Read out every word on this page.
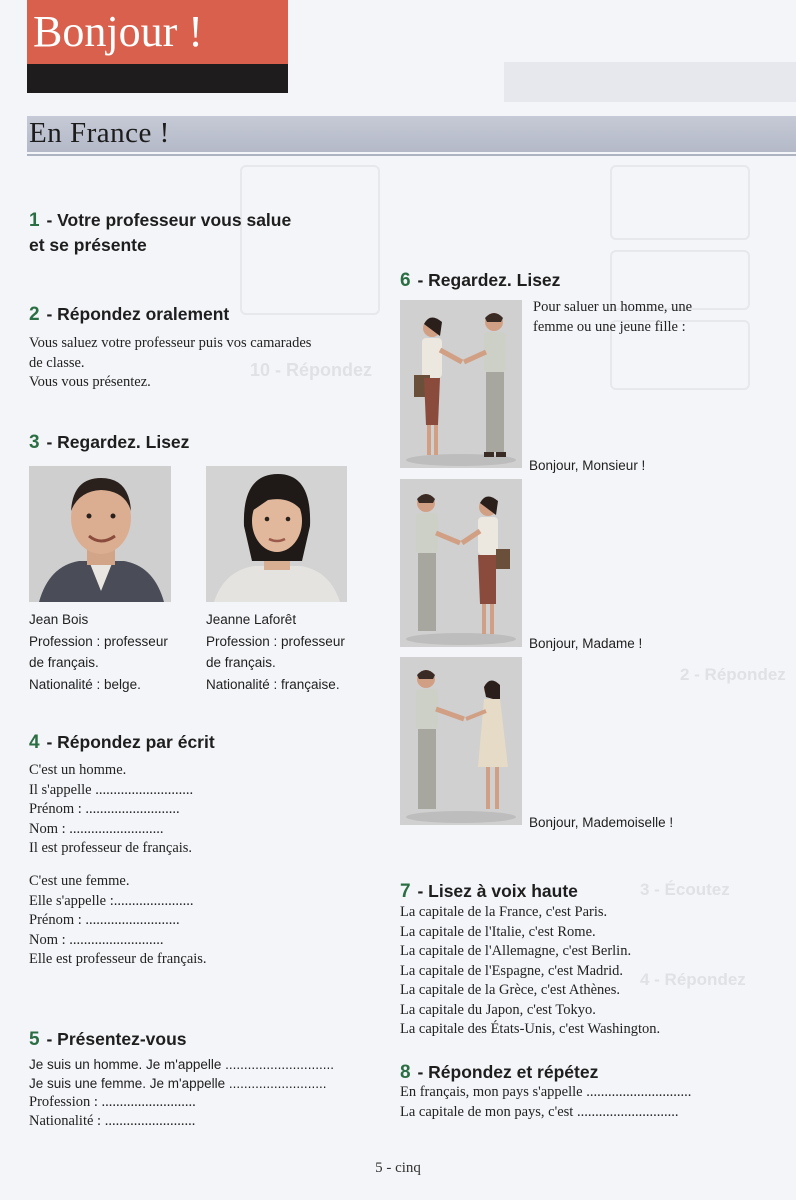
10 - Répondez
2 - Répondez
3 - Écoutez
4 - Répondez
Bonjour !
En France !
1 - Votre professeur vous salue
et se présente
2 - Répondez oralement
Vous saluez votre professeur puis vos camarades
de classe.
Vous vous présentez.
3 - Regardez. Lisez
Jean Bois
Profession : professeur
de français.
Nationalité : belge.
Jeanne Laforêt
Profession : professeur
de français.
Nationalité : française.
4 - Répondez par écrit
C'est un homme.
Il s'appelle ...........................
Prénom : ..........................
Nom : ..........................
Il est professeur de français.
C'est une femme.
Elle s'appelle :......................
Prénom : ..........................
Nom : ..........................
Elle est professeur de français.
5 - Présentez-vous
Je suis un homme. Je m'appelle .............................
Je suis une femme. Je m'appelle ..........................
Profession : ..........................
Nationalité : .........................
6 - Regardez. Lisez
Pour saluer un homme, une
femme ou une jeune fille :
Bonjour, Monsieur !
Bonjour, Madame !
Bonjour, Mademoiselle !
7 - Lisez à voix haute
La capitale de la France, c'est Paris.
La capitale de l'Italie, c'est Rome.
La capitale de l'Allemagne, c'est Berlin.
La capitale de l'Espagne, c'est Madrid.
La capitale de la Grèce, c'est Athènes.
La capitale du Japon, c'est Tokyo.
La capitale des États-Unis, c'est Washington.
8 - Répondez et répétez
En français, mon pays s'appelle .............................
La capitale de mon pays, c'est ............................
5 - cinq
